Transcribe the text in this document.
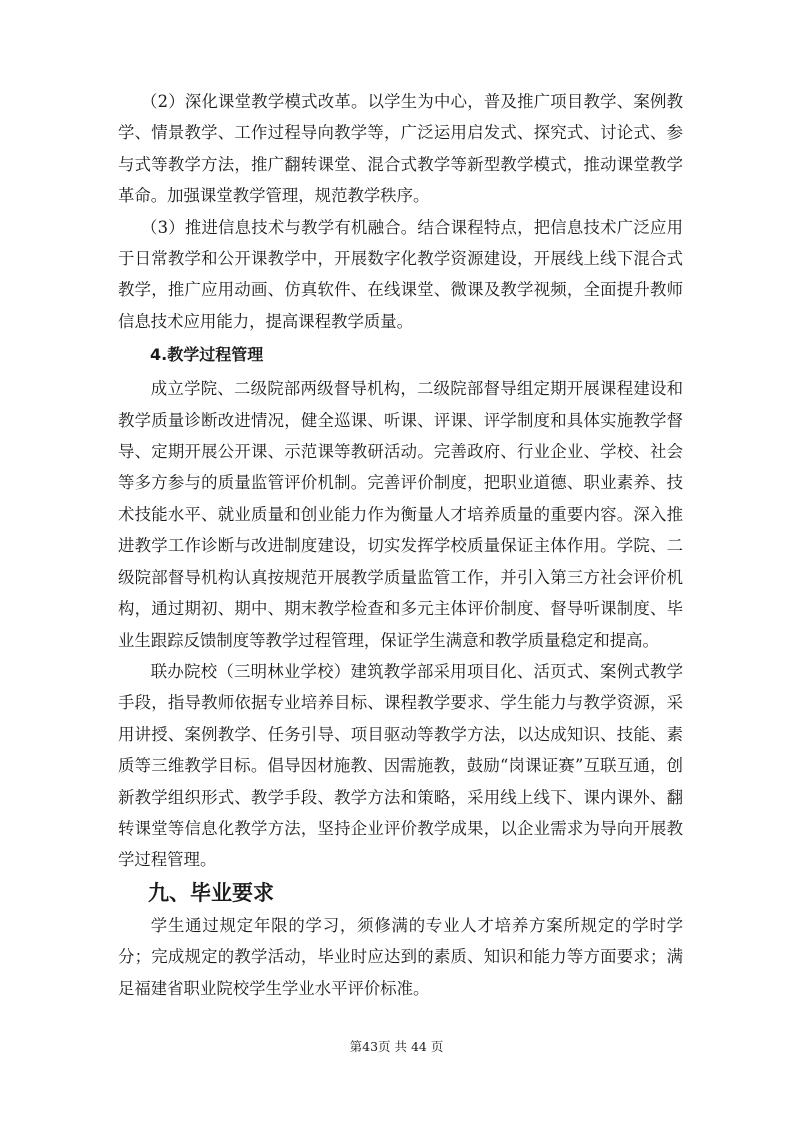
（2）深化课堂教学模式改革。以学生为中心，普及推广项目教学、案例教学、情景教学、工作过程导向教学等，广泛运用启发式、探究式、讨论式、参与式等教学方法，推广翻转课堂、混合式教学等新型教学模式，推动课堂教学革命。加强课堂教学管理，规范教学秩序。

（3）推进信息技术与教学有机融合。结合课程特点，把信息技术广泛应用于日常教学和公开课教学中，开展数字化教学资源建设，开展线上线下混合式教学，推广应用动画、仿真软件、在线课堂、微课及教学视频，全面提升教师信息技术应用能力，提高课程教学质量。

4.教学过程管理

成立学院、二级院部两级督导机构，二级院部督导组定期开展课程建设和教学质量诊断改进情况，健全巡课、听课、评课、评学制度和具体实施教学督导、定期开展公开课、示范课等教研活动。完善政府、行业企业、学校、社会等多方参与的质量监管评价机制。完善评价制度，把职业道德、职业素养、技术技能水平、就业质量和创业能力作为衡量人才培养质量的重要内容。深入推进教学工作诊断与改进制度建设，切实发挥学校质量保证主体作用。学院、二级院部督导机构认真按规范开展教学质量监管工作，并引入第三方社会评价机构，通过期初、期中、期末教学检查和多元主体评价制度、督导听课制度、毕业生跟踪反馈制度等教学过程管理，保证学生满意和教学质量稳定和提高。

联办院校（三明林业学校）建筑教学部采用项目化、活页式、案例式教学手段，指导教师依据专业培养目标、课程教学要求、学生能力与教学资源，采用讲授、案例教学、任务引导、项目驱动等教学方法，以达成知识、技能、素质等三维教学目标。倡导因材施教、因需施教，鼓励“岗课证赛”互联互通，创新教学组织形式、教学手段、教学方法和策略，采用线上线下、课内课外、翻转课堂等信息化教学方法，坚持企业评价教学成果，以企业需求为导向开展教学过程管理。

九、毕业要求

学生通过规定年限的学习，须修满的专业人才培养方案所规定的学时学分；完成规定的教学活动，毕业时应达到的素质、知识和能力等方面要求；满足福建省职业院校学生学业水平评价标准。

第43页 共 44 页
